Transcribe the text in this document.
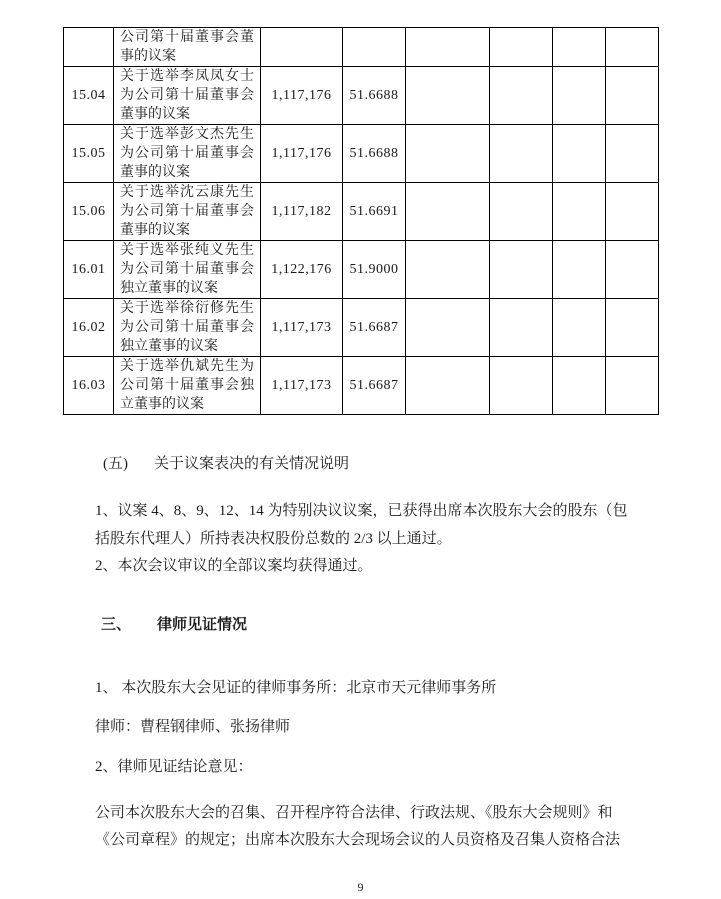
	公司第十届董事会董事的议案						
15.04	关于选举李凤凤女士为公司第十届董事会董事的议案	1,117,176	51.6688				
15.05	关于选举彭文杰先生为公司第十届董事会董事的议案	1,117,176	51.6688				
15.06	关于选举沈云康先生为公司第十届董事会董事的议案	1,117,182	51.6691				
16.01	关于选举张纯义先生为公司第十届董事会独立董事的议案	1,122,176	51.9000				
16.02	关于选举徐衍修先生为公司第十届董事会独立董事的议案	1,117,173	51.6687				
16.03	关于选举仇斌先生为公司第十届董事会独立董事的议案	1,117,173	51.6687				
(五) 关于议案表决的有关情况说明
1、议案 4、8、9、12、14 为特别决议议案，已获得出席本次股东大会的股东（包
括股东代理人）所持表决权股份总数的 2/3 以上通过。
2、本次会议审议的全部议案均获得通过。
三、 律师见证情况
1、 本次股东大会见证的律师事务所：北京市天元律师事务所
律师：曹程钢律师、张扬律师
2、律师见证结论意见：
公司本次股东大会的召集、召开程序符合法律、行政法规、《股东大会规则》和
《公司章程》的规定；出席本次股东大会现场会议的人员资格及召集人资格合法
9
